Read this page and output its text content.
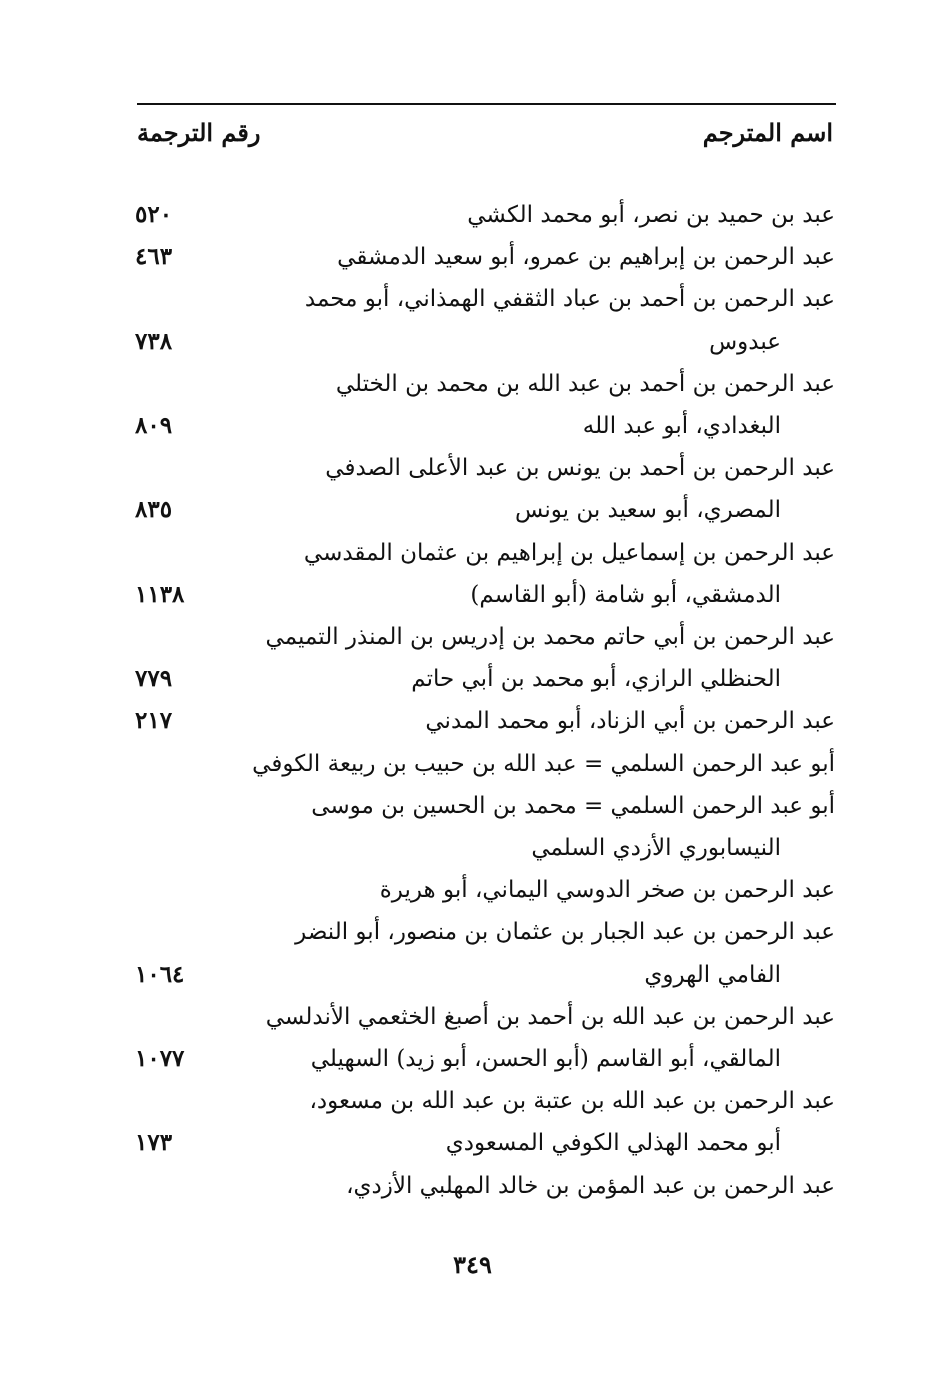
اسم المترجم
رقم الترجمة
عبد بن حميد بن نصر، أبو محمد الكشي
٥٢٠
عبد الرحمن بن إبراهيم بن عمرو، أبو سعيد الدمشقي
٤٦٣
عبد الرحمن بن أحمد بن عباد الثقفي الهمذاني، أبو محمد
عبدوس
٧٣٨
عبد الرحمن بن أحمد بن عبد الله بن محمد بن الختلي
البغدادي، أبو عبد الله
٨٠٩
عبد الرحمن بن أحمد بن يونس بن عبد الأعلى الصدفي
المصري، أبو سعيد بن يونس
٨٣٥
عبد الرحمن بن إسماعيل بن إبراهيم بن عثمان المقدسي
الدمشقي، أبو شامة (أبو القاسم)
١١٣٨
عبد الرحمن بن أبي حاتم محمد بن إدريس بن المنذر التميمي
الحنظلي الرازي، أبو محمد بن أبي حاتم
٧٧٩
عبد الرحمن بن أبي الزناد، أبو محمد المدني
٢١٧
أبو عبد الرحمن السلمي = عبد الله بن حبيب بن ربيعة الكوفي
أبو عبد الرحمن السلمي = محمد بن الحسين بن موسى
النيسابوري الأزدي السلمي
عبد الرحمن بن صخر الدوسي اليماني، أبو هريرة
عبد الرحمن بن عبد الجبار بن عثمان بن منصور، أبو النضر
الفامي الهروي
١٠٦٤
عبد الرحمن بن عبد الله بن أحمد بن أصبغ الخثعمي الأندلسي
المالقي، أبو القاسم (أبو الحسن، أبو زيد) السهيلي
١٠٧٧
عبد الرحمن بن عبد الله بن عتبة بن عبد الله بن مسعود،
أبو محمد الهذلي الكوفي المسعودي
١٧٣
عبد الرحمن بن عبد المؤمن بن خالد المهلبي الأزدي،
٣٤٩
